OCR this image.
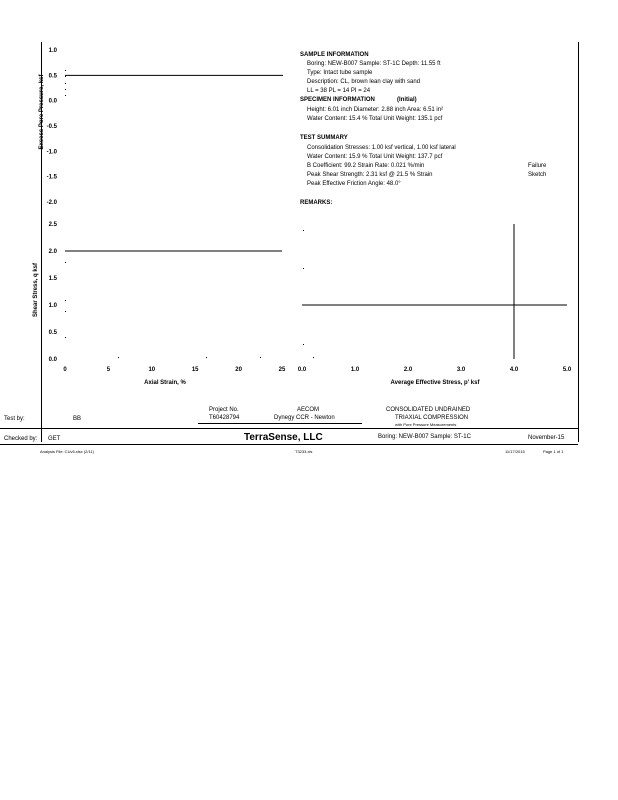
1.0
0.5
0.0
-0.5
-1.0
-1.5
-2.0
2.5
2.0
1.5
1.0
0.5
0.0
0	5	10	15	20	25 0.0	1.0	2.0	3.0	4.0	5.0
Excess Pore Pressure, ksf
Shear Stress, q ksf
Axial Strain, %	Average Effective Stress, p' ksf
SAMPLE INFORMATION
Boring: NEW-B007 Sample: ST-1C Depth: 11.55 ft
Type: Intact tube sample
Description: CL, brown lean clay with sand
LL = 38 PL = 14 PI = 24
SPECIMEN INFORMATION	(Initial)
Height: 6.01 inch Diameter: 2.88 inch Area: 6.51 in²
Water Content: 15.4 % Total Unit Weight: 135.1 pcf
TEST SUMMARY
Consolidation Stresses: 1.00 ksf vertical, 1.00 ksf lateral
Water Content: 15.9 % Total Unit Weight: 137.7 pcf
B Coefficient: 99.2 Strain Rate: 0.021 %/min
Peak Shear Strength: 2.31 ksf @ 21.5 % Strain
Peak Effective Friction Angle: 48.0°
Failure
Sketch
REMARKS:
Project No.
T60428794
AECOM
Dynegy CCR - Newton
CONSOLIDATED UNDRAINED
TRIAXIAL COMPRESSION
with Pore Pressure Measurements
Test by:	BB
Checked by: GET	TerraSense, LLC	Boring: NEW-B007 Sample: ST-1C	November-15
Analysis File: CUv5.xlsx (2/11)	T3233.xls	11/17/2015	Page 1 of 1
